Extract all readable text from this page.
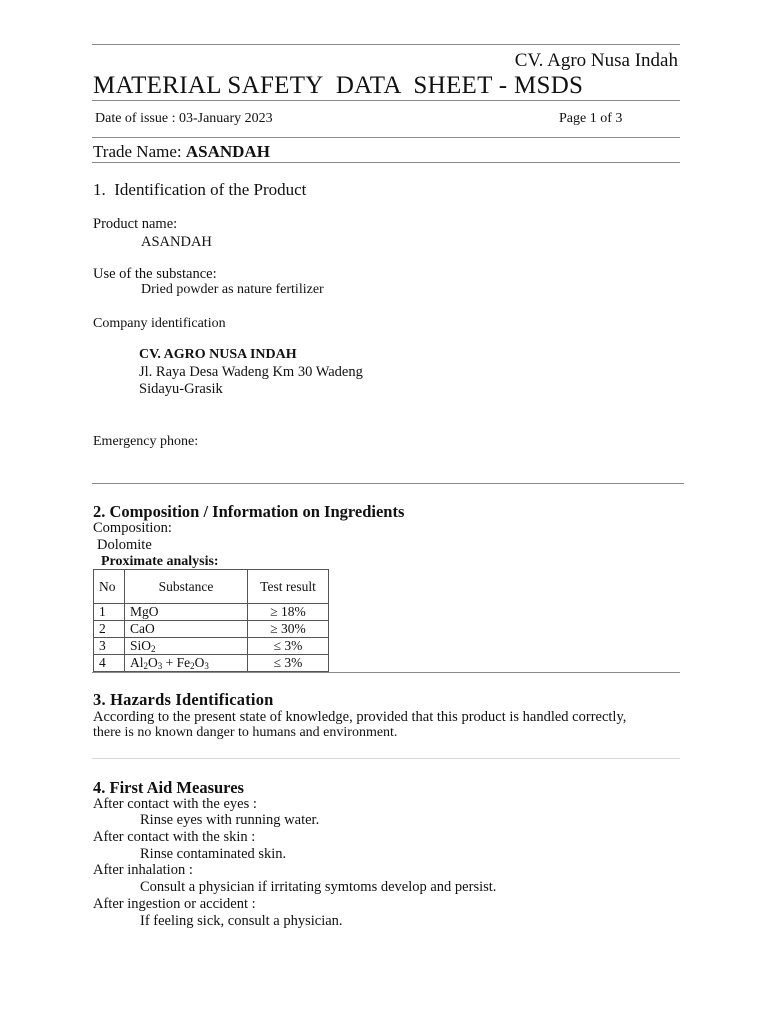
CV. Agro Nusa Indah
MATERIAL SAFETY  DATA  SHEET - MSDS
Date of issue : 03-January 2023	Page 1 of 3
Trade Name: ASANDAH
1.  Identification of the Product
Product name:
ASANDAH
Use of the substance:
Dried powder as nature fertilizer
Company identification
CV. AGRO NUSA INDAH
Jl. Raya Desa Wadeng Km 30 Wadeng
Sidayu-Grasik
Emergency phone:
2. Composition / Information on Ingredients
Composition:
Dolomite
Proximate analysis:
No	Substance	Test result
1	MgO	≥ 18%
2	CaO	≥ 30%
3	SiO$_2$	≤ 3%
4	$Al_2O_3 + Fe_2O_3$	≤ 3%
3. Hazards Identification
According to the present state of knowledge, provided that this product is handled correctly,
there is no known danger to humans and environment.
4. First Aid Measures
After contact with the eyes :
Rinse eyes with running water.
After contact with the skin :
Rinse contaminated skin.
After inhalation :
Consult a physician if irritating symtoms develop and persist.
After ingestion or accident :
If feeling sick, consult a physician.
